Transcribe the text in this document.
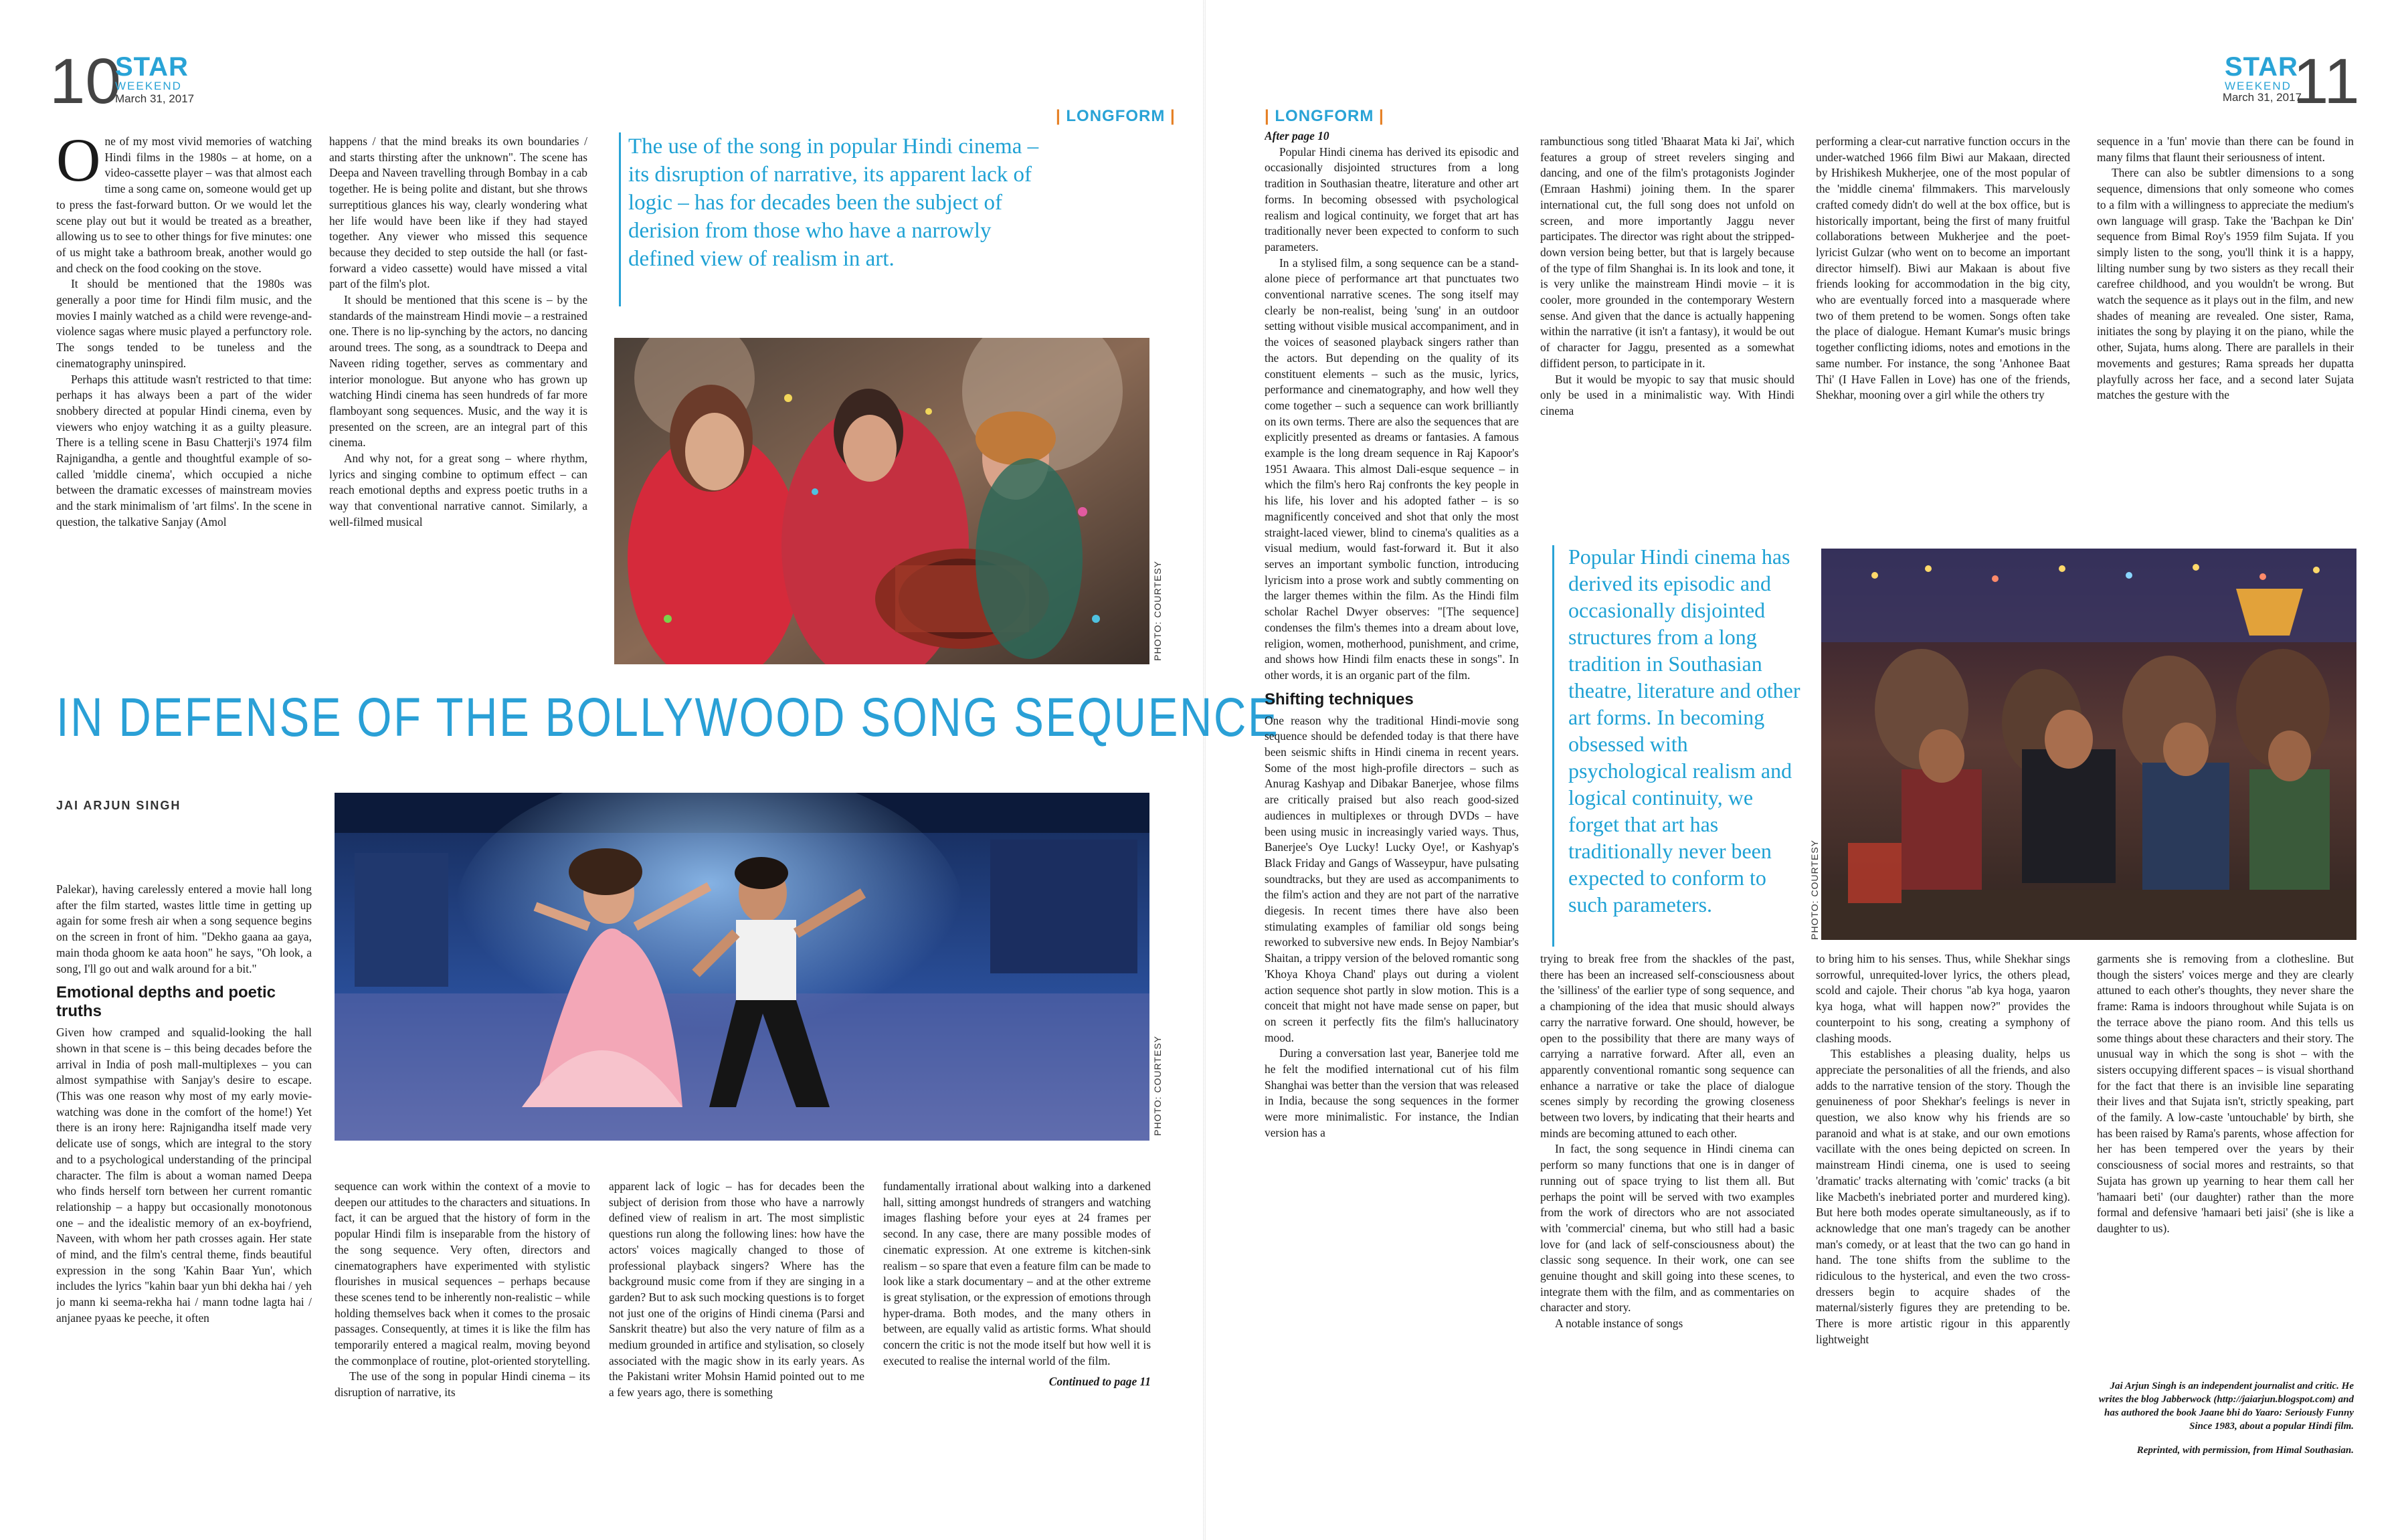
10
STAR
WEEKEND
March 31, 2017
| LONGFORM |	11
STAR
WEEKEND
March 31, 2017
| LONGFORM |

One of my most vivid memories of watching Hindi films in the 1980s – at home, on a video-cassette player – was that almost each time a song came on, someone would get up to press the fast-forward button. Or we would let the scene play out but it would be treated as a breather, allowing us to see to other things for five minutes: one of us might take a bathroom break, another would go and check on the food cooking on the stove.

It should be mentioned that the 1980s was generally a poor time for Hindi film music, and the movies I mainly watched as a child were revenge-and-violence sagas where music played a perfunctory role. The songs tended to be tuneless and the cinematography uninspired.

Perhaps this attitude wasn't restricted to that time: perhaps it has always been a part of the wider snobbery directed at popular Hindi cinema, even by viewers who enjoy watching it as a guilty pleasure. There is a telling scene in Basu Chatterji's 1974 film Rajnigandha, a gentle and thoughtful example of so-called 'middle cinema', which occupied a niche between the dramatic excesses of mainstream movies and the stark minimalism of 'art films'. In the scene in question, the talkative Sanjay (Amol

happens / that the mind breaks its own boundaries / and starts thirsting after the unknown". The scene has Deepa and Naveen travelling through Bombay in a cab together. He is being polite and distant, but she throws surreptitious glances his way, clearly wondering what her life would have been like if they had stayed together. Any viewer who missed this sequence because they decided to step outside the hall (or fast-forward a video cassette) would have missed a vital part of the film's plot.

It should be mentioned that this scene is – by the standards of the mainstream Hindi movie – a restrained one. There is no lip-synching by the actors, no dancing around trees. The song, as a soundtrack to Deepa and Naveen riding together, serves as commentary and interior monologue. But anyone who has grown up watching Hindi cinema has seen hundreds of far more flamboyant song sequences. Music, and the way it is presented on the screen, are an integral part of this cinema.

And why not, for a great song – where rhythm, lyrics and singing combine to optimum effect – can reach emotional depths and express poetic truths in a way that conventional narrative cannot. Similarly, a well-filmed musical

The use of the song in popular Hindi cinema – its disruption of narrative, its apparent lack of logic – has for decades been the subject of derision from those who have a narrowly defined view of realism in art.
PHOTO: COURTESY
IN DEFENSE OF THE BOLLYWOOD SONG SEQUENCE
JAI ARJUN SINGH
PHOTO: COURTESY

Palekar), having carelessly entered a movie hall long after the film started, wastes little time in getting up again for some fresh air when a song sequence begins on the screen in front of him. "Dekho gaana aa gaya, main thoda ghoom ke aata hoon" he says, "Oh look, a song, I'll go out and walk around for a bit."

Emotional depths and poetic truths

Given how cramped and squalid-looking the hall shown in that scene is – this being decades before the arrival in India of posh mall-multiplexes – you can almost sympathise with Sanjay's desire to escape. (This was one reason why most of my early movie-watching was done in the comfort of the home!) Yet there is an irony here: Rajnigandha itself made very delicate use of songs, which are integral to the story and to a psychological understanding of the principal character. The film is about a woman named Deepa who finds herself torn between her current romantic relationship – a happy but occasionally monotonous one – and the idealistic memory of an ex-boyfriend, Naveen, with whom her path crosses again. Her state of mind, and the film's central theme, finds beautiful expression in the song 'Kahin Baar Yun', which includes the lyrics "kahin baar yun bhi dekha hai / yeh jo mann ki seema-rekha hai / mann todne lagta hai / anjanee pyaas ke peeche, it often

sequence can work within the context of a movie to deepen our attitudes to the characters and situations. In fact, it can be argued that the history of form in the popular Hindi film is inseparable from the history of the song sequence. Very often, directors and cinematographers have experimented with stylistic flourishes in musical sequences – perhaps because these scenes tend to be inherently non-realistic – while holding themselves back when it comes to the prosaic passages. Consequently, at times it is like the film has temporarily entered a magical realm, moving beyond the commonplace of routine, plot-oriented storytelling.

The use of the song in popular Hindi cinema – its disruption of narrative, its

apparent lack of logic – has for decades been the subject of derision from those who have a narrowly defined view of realism in art. The most simplistic questions run along the following lines: how have the actors' voices magically changed to those of professional playback singers? Where has the background music come from if they are singing in a garden? But to ask such mocking questions is to forget not just one of the origins of Hindi cinema (Parsi and Sanskrit theatre) but also the very nature of film as a medium grounded in artifice and stylisation, so closely associated with the magic show in its early years. As the Pakistani writer Mohsin Hamid pointed out to me a few years ago, there is something

fundamentally irrational about walking into a darkened hall, sitting amongst hundreds of strangers and watching images flashing before your eyes at 24 frames per second. In any case, there are many possible modes of cinematic expression. At one extreme is kitchen-sink realism – so spare that even a feature film can be made to look like a stark documentary – and at the other extreme is great stylisation, or the expression of emotions through hyper-drama. Both modes, and the many others in between, are equally valid as artistic forms. What should concern the critic is not the mode itself but how well it is executed to realise the internal world of the film.

Continued to page 11

After page 10

Popular Hindi cinema has derived its episodic and occasionally disjointed structures from a long tradition in Southasian theatre, literature and other art forms. In becoming obsessed with psychological realism and logical continuity, we forget that art has traditionally never been expected to conform to such parameters.

In a stylised film, a song sequence can be a stand-alone piece of performance art that punctuates two conventional narrative scenes. The song itself may clearly be non-realist, being 'sung' in an outdoor setting without visible musical accompaniment, and in the voices of seasoned playback singers rather than the actors. But depending on the quality of its constituent elements – such as the music, lyrics, performance and cinematography, and how well they come together – such a sequence can work brilliantly on its own terms. There are also the sequences that are explicitly presented as dreams or fantasies. A famous example is the long dream sequence in Raj Kapoor's 1951 Awaara. This almost Dali-esque sequence – in which the film's hero Raj confronts the key people in his life, his lover and his adopted father – is so magnificently conceived and shot that only the most straight-laced viewer, blind to cinema's qualities as a visual medium, would fast-forward it. But it also serves an important symbolic function, introducing lyricism into a prose work and subtly commenting on the larger themes within the film. As the Hindi film scholar Rachel Dwyer observes: "[The sequence] condenses the film's themes into a dream about love, religion, women, motherhood, punishment, and crime, and shows how Hindi film enacts these in songs". In other words, it is an organic part of the film.

Shifting techniques

One reason why the traditional Hindi-movie song sequence should be defended today is that there have been seismic shifts in Hindi cinema in recent years. Some of the most high-profile directors – such as Anurag Kashyap and Dibakar Banerjee, whose films are critically praised but also reach good-sized audiences in multiplexes or through DVDs – have been using music in increasingly varied ways. Thus, Banerjee's Oye Lucky! Lucky Oye!, or Kashyap's Black Friday and Gangs of Wasseypur, have pulsating soundtracks, but they are used as accompaniments to the film's action and they are not part of the narrative diegesis. In recent times there have also been stimulating examples of familiar old songs being reworked to subversive new ends. In Bejoy Nambiar's Shaitan, a trippy version of the beloved romantic song 'Khoya Khoya Chand' plays out during a violent action sequence shot partly in slow motion. This is a conceit that might not have made sense on paper, but on screen it perfectly fits the film's hallucinatory mood.

During a conversation last year, Banerjee told me he felt the modified international cut of his film Shanghai was better than the version that was released in India, because the song sequences in the former were more minimalistic. For instance, the Indian version has a

rambunctious song titled 'Bhaarat Mata ki Jai', which features a group of street revelers singing and dancing, and one of the film's protagonists Joginder (Emraan Hashmi) joining them. In the sparer international cut, the full song does not unfold on screen, and more importantly Jaggu never participates. The director was right about the stripped-down version being better, but that is largely because of the type of film Shanghai is. In its look and tone, it is very unlike the mainstream Hindi movie – it is cooler, more grounded in the contemporary Western sense. And given that the dance is actually happening within the narrative (it isn't a fantasy), it would be out of character for Jaggu, presented as a somewhat diffident person, to participate in it.

But it would be myopic to say that music should only be used in a minimalistic way. With Hindi cinema

performing a clear-cut narrative function occurs in the under-watched 1966 film Biwi aur Makaan, directed by Hrishikesh Mukherjee, one of the most popular of the 'middle cinema' filmmakers. This marvelously crafted comedy didn't do well at the box office, but is historically important, being the first of many fruitful collaborations between Mukherjee and the poet-lyricist Gulzar (who went on to become an important director himself). Biwi aur Makaan is about five friends looking for accommodation in the big city, who are eventually forced into a masquerade where two of them pretend to be women. Songs often take the place of dialogue. Hemant Kumar's music brings together conflicting idioms, notes and emotions in the same number. For instance, the song 'Anhonee Baat Thi' (I Have Fallen in Love) has one of the friends, Shekhar, mooning over a girl while the others try

sequence in a 'fun' movie than there can be found in many films that flaunt their seriousness of intent.

There can also be subtler dimensions to a song sequence, dimensions that only someone who comes to a film with a willingness to appreciate the medium's own language will grasp. Take the 'Bachpan ke Din' sequence from Bimal Roy's 1959 film Sujata. If you simply listen to the song, you'll think it is a happy, lilting number sung by two sisters as they recall their carefree childhood, and you wouldn't be wrong. But watch the sequence as it plays out in the film, and new shades of meaning are revealed. One sister, Rama, initiates the song by playing it on the piano, while the other, Sujata, hums along. There are parallels in their movements and gestures; Rama spreads her dupatta playfully across her face, and a second later Sujata matches the gesture with the

Popular Hindi cinema has derived its episodic and occasionally disjointed structures from a long tradition in Southasian theatre, literature and other art forms. In becoming obsessed with psychological realism and logical continuity, we forget that art has traditionally never been expected to conform to such parameters.	PHOTO: COURTESY

trying to break free from the shackles of the past, there has been an increased self-consciousness about the 'silliness' of the earlier type of song sequence, and a championing of the idea that music should always carry the narrative forward. One should, however, be open to the possibility that there are many ways of carrying a narrative forward. After all, even an apparently conventional romantic song sequence can enhance a narrative or take the place of dialogue scenes simply by recording the growing closeness between two lovers, by indicating that their hearts and minds are becoming attuned to each other.

In fact, the song sequence in Hindi cinema can perform so many functions that one is in danger of running out of space trying to list them all. But perhaps the point will be served with two examples from the work of directors who are not associated with 'commercial' cinema, but who still had a basic love for (and lack of self-consciousness about) the classic song sequence. In their work, one can see genuine thought and skill going into these scenes, to integrate them with the film, and as commentaries on character and story.

A notable instance of songs

to bring him to his senses. Thus, while Shekhar sings sorrowful, unrequited-lover lyrics, the others plead, scold and cajole. Their chorus "ab kya hoga, yaaron kya hoga, what will happen now?" provides the counterpoint to his song, creating a symphony of clashing moods.

This establishes a pleasing duality, helps us appreciate the personalities of all the friends, and also adds to the narrative tension of the story. Though the genuineness of poor Shekhar's feelings is never in question, we also know why his friends are so paranoid and what is at stake, and our own emotions vacillate with the ones being depicted on screen. In mainstream Hindi cinema, one is used to seeing 'dramatic' tracks alternating with 'comic' tracks (a bit like Macbeth's inebriated porter and murdered king). But here both modes operate simultaneously, as if to acknowledge that one man's tragedy can be another man's comedy, or at least that the two can go hand in hand. The tone shifts from the sublime to the ridiculous to the hysterical, and even the two cross-dressers begin to acquire shades of the maternal/sisterly figures they are pretending to be. There is more artistic rigour in this apparently lightweight

garments she is removing from a clothesline. But though the sisters' voices merge and they are clearly attuned to each other's thoughts, they never share the frame: Rama is indoors throughout while Sujata is on the terrace above the piano room. And this tells us some things about these characters and their story. The unusual way in which the song is shot – with the sisters occupying different spaces – is visual shorthand for the fact that there is an invisible line separating their lives and that Sujata isn't, strictly speaking, part of the family. A low-caste 'untouchable' by birth, she has been raised by Rama's parents, whose affection for her has been tempered over the years by their consciousness of social mores and restraints, so that Sujata has grown up yearning to hear them call her 'hamaari beti' (our daughter) rather than the more formal and defensive 'hamaari beti jaisi' (she is like a daughter to us).

Jai Arjun Singh is an independent journalist and critic. He writes the blog Jabberwock (http://jaiarjun.blogspot.com) and has authored the book Jaane bhi do Yaaro: Seriously Funny Since 1983, about a popular Hindi film.
Reprinted, with permission, from Himal Southasian.
